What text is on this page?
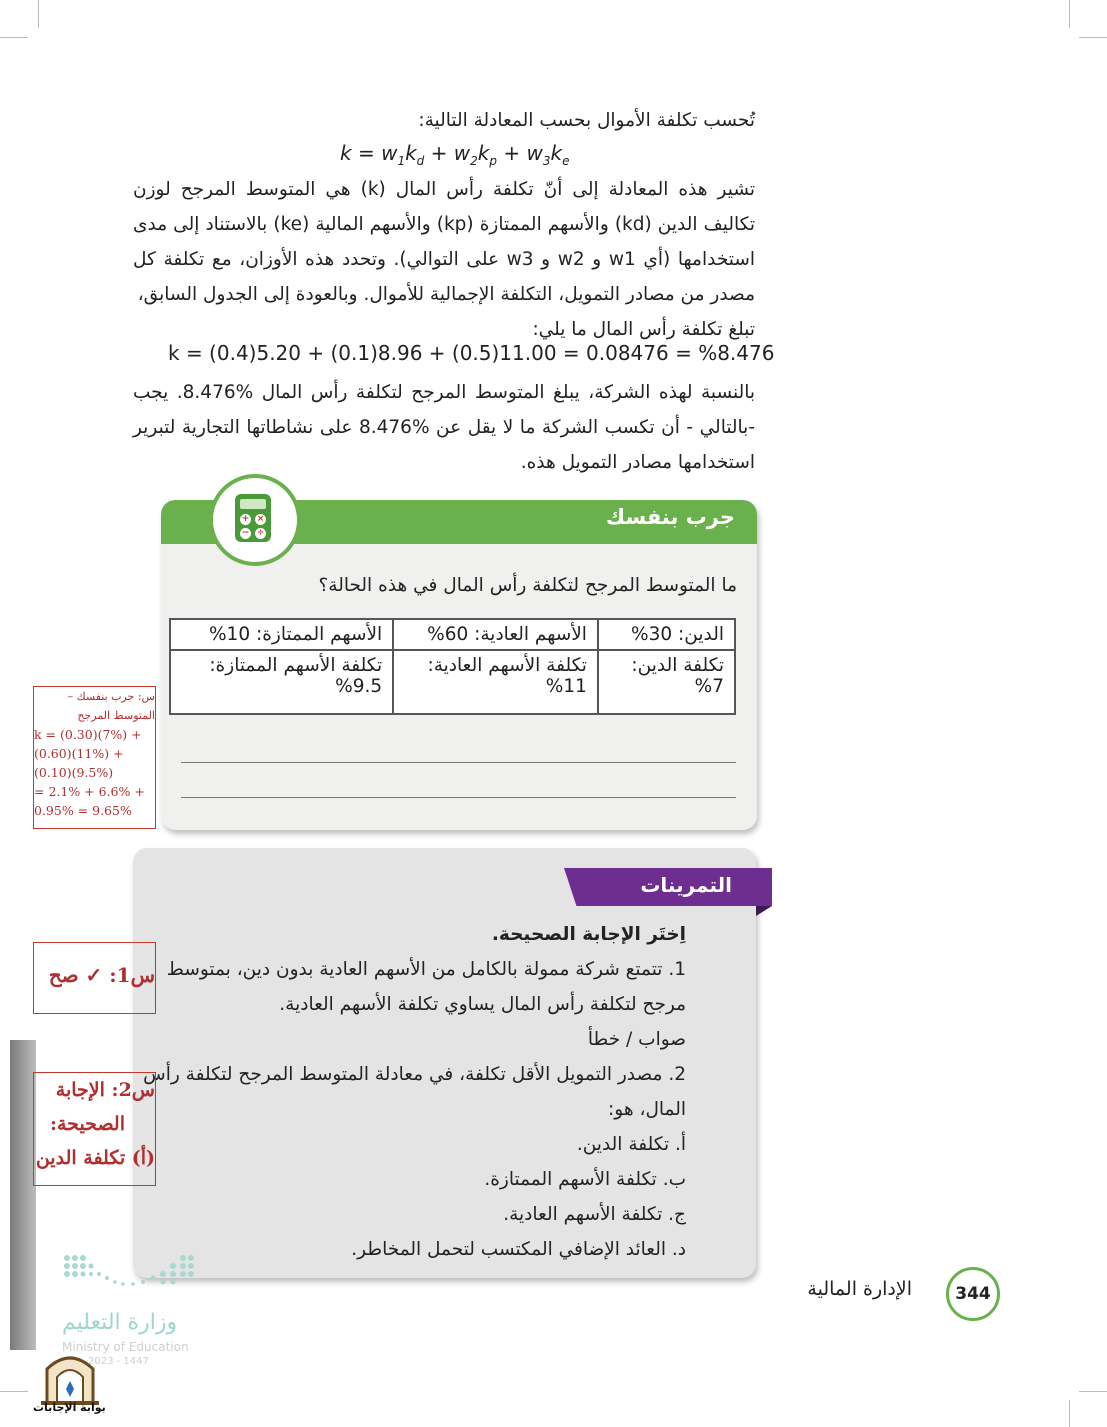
تُحسب تكلفة الأموال بحسب المعادلة التالية:

$k = w_1k_d + w_2k_p + w_3k_e$

تشير هذه المعادلة إلى أنّ تكلفة رأس المال (k) هي المتوسط المرجح لوزن تكاليف الدين (kd) والأسهم الممتازة (kp) والأسهم المالية (ke) بالاستناد إلى مدى استخدامها (أي w1 و w2 و w3 على التوالي). وتحدد هذه الأوزان، مع تكلفة كل مصدر من مصادر التمويل، التكلفة الإجمالية للأموال. وبالعودة إلى الجدول السابق،

تبلغ تكلفة رأس المال ما يلي:

k = (0.4)5.20 + (0.1)8.96 + (0.5)11.00 = 0.08476 = %8.476

بالنسبة لهذه الشركة، يبلغ المتوسط المرجح لتكلفة رأس المال %8.476. يجب -بالتالي - أن تكسب الشركة ما لا يقل عن %8.476 على نشاطاتها التجارية لتبرير استخدامها مصادر التمويل هذه.

جرب بنفسك
ما المتوسط المرجح لتكلفة رأس المال في هذه الحالة؟
الدين: 30%	الأسهم العادية: 60%	الأسهم الممتازة: 10%
تكلفة الدين: 7%	تكلفة الأسهم العادية: 11%	تكلفة الأسهم الممتازة: 9.5%
+ ×
− ÷
س: جرب بنفسك –
المتوسط المرجح
k = (0.30)(7%) +
(0.60)(11%) +
(0.10)(9.5%)
= 2.1% + 6.6% +
0.95% = 9.65%
التمرينات
اِختَر الإجابة الصحيحة.
1. تتمتع شركة ممولة بالكامل من الأسهم العادية بدون دين، بمتوسط
مرجح لتكلفة رأس المال يساوي تكلفة الأسهم العادية.
صواب / خطأ
2. مصدر التمويل الأقل تكلفة، في معادلة المتوسط المرجح لتكلفة رأس
المال، هو:
أ. تكلفة الدين.
ب. تكلفة الأسهم الممتازة.
ج. تكلفة الأسهم العادية.
د. العائد الإضافي المكتسب لتحمل المخاطر.
س1: ✓ صح
س2: الإجابة
الصحيحة:
(أ) تكلفة الدين
344
الإدارة المالية
وزارة التعليم
Ministry of Education
2023 - 1447
بوابة الإجابات
